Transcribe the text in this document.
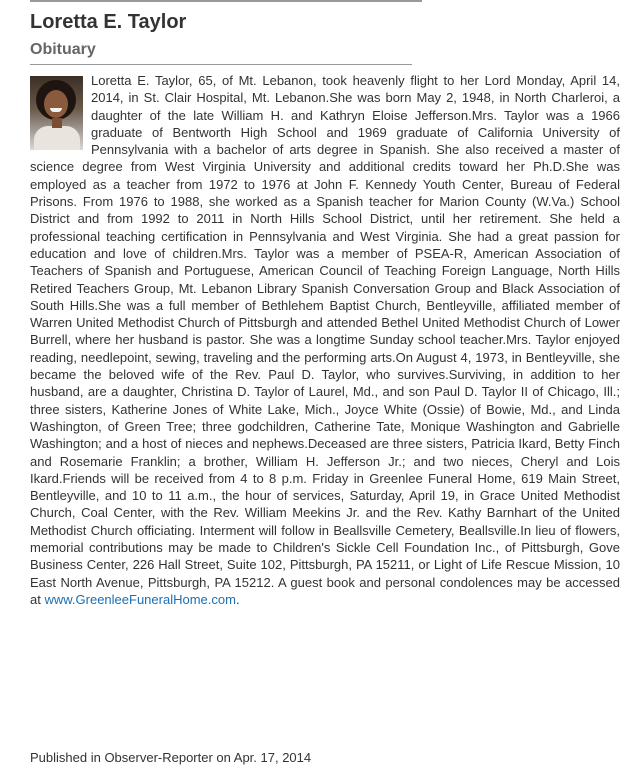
Loretta E. Taylor
Obituary
Loretta E. Taylor, 65, of Mt. Lebanon, took heavenly flight to her Lord Monday, April 14, 2014, in St. Clair Hospital, Mt. Lebanon.She was born May 2, 1948, in North Charleroi, a daughter of the late William H. and Kathryn Eloise Jefferson.Mrs. Taylor was a 1966 graduate of Bentworth High School and 1969 graduate of California University of Pennsylvania with a bachelor of arts degree in Spanish. She also received a master of science degree from West Virginia University and additional credits toward her Ph.D.She was employed as a teacher from 1972 to 1976 at John F. Kennedy Youth Center, Bureau of Federal Prisons. From 1976 to 1988, she worked as a Spanish teacher for Marion County (W.Va.) School District and from 1992 to 2011 in North Hills School District, until her retirement. She held a professional teaching certification in Pennsylvania and West Virginia. She had a great passion for education and love of children.Mrs. Taylor was a member of PSEA-R, American Association of Teachers of Spanish and Portuguese, American Council of Teaching Foreign Language, North Hills Retired Teachers Group, Mt. Lebanon Library Spanish Conversation Group and Black Association of South Hills.She was a full member of Bethlehem Baptist Church, Bentleyville, affiliated member of Warren United Methodist Church of Pittsburgh and attended Bethel United Methodist Church of Lower Burrell, where her husband is pastor. She was a longtime Sunday school teacher.Mrs. Taylor enjoyed reading, needlepoint, sewing, traveling and the performing arts.On August 4, 1973, in Bentleyville, she became the beloved wife of the Rev. Paul D. Taylor, who survives.Surviving, in addition to her husband, are a daughter, Christina D. Taylor of Laurel, Md., and son Paul D. Taylor II of Chicago, Ill.; three sisters, Katherine Jones of White Lake, Mich., Joyce White (Ossie) of Bowie, Md., and Linda Washington, of Green Tree; three godchildren, Catherine Tate, Monique Washington and Gabrielle Washington; and a host of nieces and nephews.Deceased are three sisters, Patricia Ikard, Betty Finch and Rosemarie Franklin; a brother, William H. Jefferson Jr.; and two nieces, Cheryl and Lois Ikard.Friends will be received from 4 to 8 p.m. Friday in Greenlee Funeral Home, 619 Main Street, Bentleyville, and 10 to 11 a.m., the hour of services, Saturday, April 19, in Grace United Methodist Church, Coal Center, with the Rev. William Meekins Jr. and the Rev. Kathy Barnhart of the United Methodist Church officiating. Interment will follow in Beallsville Cemetery, Beallsville.In lieu of flowers, memorial contributions may be made to Children's Sickle Cell Foundation Inc., of Pittsburgh, Gove Business Center, 226 Hall Street, Suite 102, Pittsburgh, PA 15211, or Light of Life Rescue Mission, 10 East North Avenue, Pittsburgh, PA 15212. A guest book and personal condolences may be accessed at www.GreenleeFuneralHome.com.
Published in Observer-Reporter on Apr. 17, 2014
